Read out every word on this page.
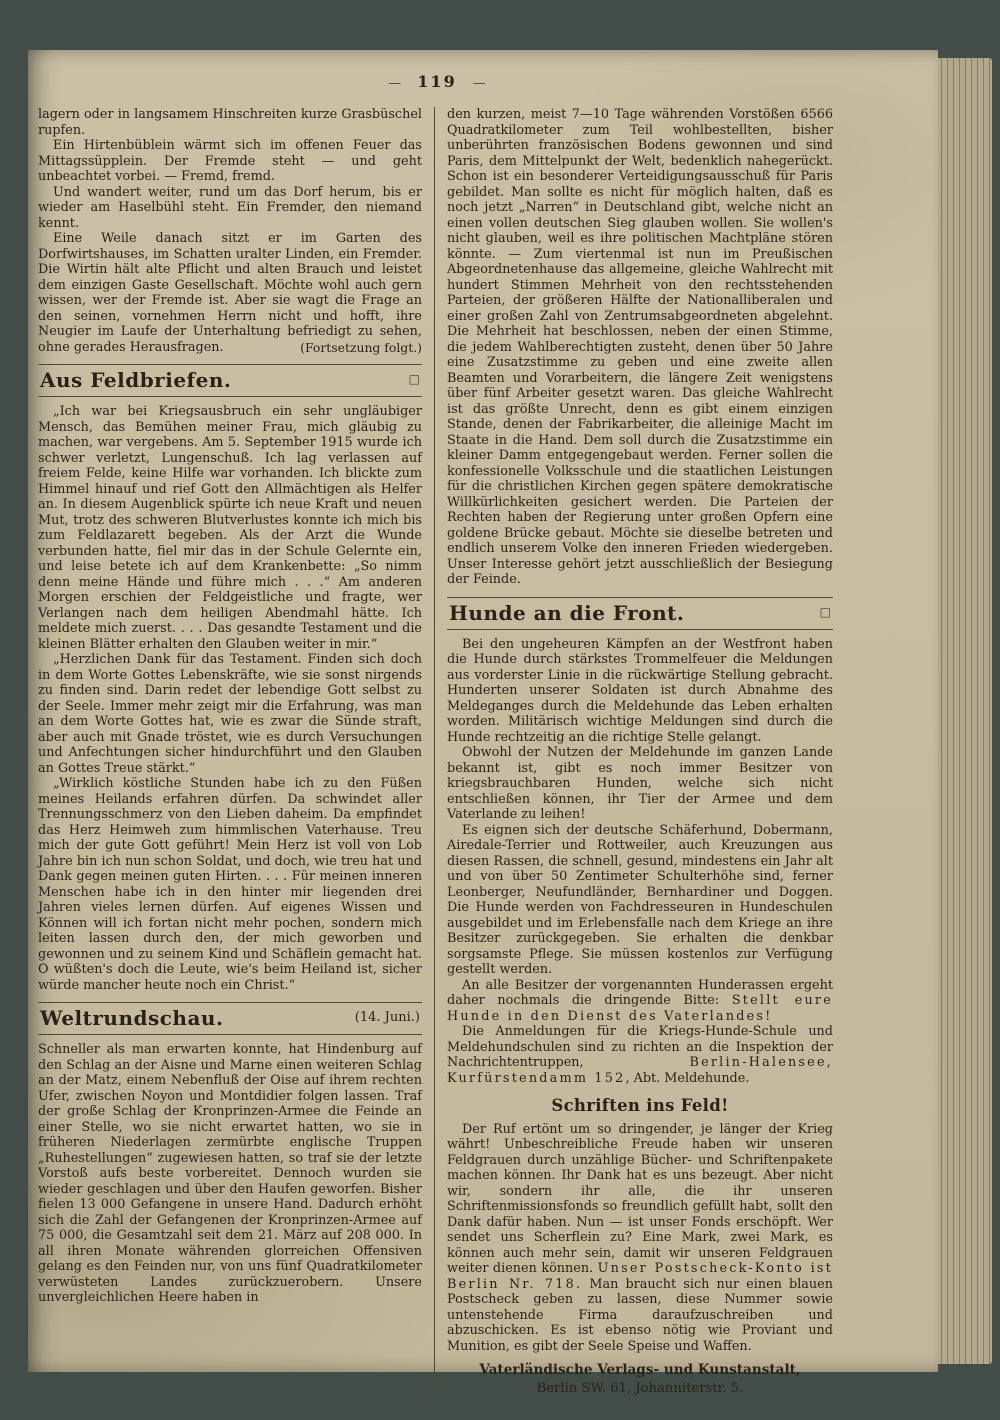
— 119 —

lagern oder in langsamem Hinschreiten kurze Grasbüschel rupfen.

Ein Hirtenbüblein wärmt sich im offenen Feuer das Mittagssüpplein. Der Fremde steht — und geht unbeachtet vorbei. — Fremd, fremd.

Und wandert weiter, rund um das Dorf herum, bis er wieder am Haselbühl steht. Ein Fremder, den niemand kennt.

Eine Weile danach sitzt er im Garten des Dorfwirtshauses, im Schatten uralter Linden, ein Fremder. Die Wirtin hält alte Pflicht und alten Brauch und leistet dem einzigen Gaste Gesellschaft. Möchte wohl auch gern wissen, wer der Fremde ist. Aber sie wagt die Frage an den seinen, vornehmen Herrn nicht und hofft, ihre Neugier im Laufe der Unterhaltung befriedigt zu sehen, ohne gerades Herausfragen.	(Fortsetzung folgt.)

Aus Feldbriefen.	□

„Ich war bei Kriegsausbruch ein sehr ungläubiger Mensch, das Bemühen meiner Frau, mich gläubig zu machen, war vergebens. Am 5. September 1915 wurde ich schwer verletzt, Lungenschuß. Ich lag verlassen auf freiem Felde, keine Hilfe war vorhanden. Ich blickte zum Himmel hinauf und rief Gott den Allmächtigen als Helfer an. In diesem Augenblick spürte ich neue Kraft und neuen Mut, trotz des schweren Blutverlustes konnte ich mich bis zum Feldlazarett begeben. Als der Arzt die Wunde verbunden hatte, fiel mir das in der Schule Gelernte ein, und leise betete ich auf dem Krankenbette: „So nimm denn meine Hände und führe mich . . .“ Am anderen Morgen erschien der Feldgeistliche und fragte, wer Verlangen nach dem heiligen Abendmahl hätte. Ich meldete mich zuerst. . . . Das gesandte Testament und die kleinen Blätter erhalten den Glauben weiter in mir.“

„Herzlichen Dank für das Testament. Finden sich doch in dem Worte Gottes Lebenskräfte, wie sie sonst nirgends zu finden sind. Darin redet der lebendige Gott selbst zu der Seele. Immer mehr zeigt mir die Erfahrung, was man an dem Worte Gottes hat, wie es zwar die Sünde straft, aber auch mit Gnade tröstet, wie es durch Versuchungen und Anfechtungen sicher hindurchführt und den Glauben an Gottes Treue stärkt.“

„Wirklich köstliche Stunden habe ich zu den Füßen meines Heilands erfahren dürfen. Da schwindet aller Trennungsschmerz von den Lieben daheim. Da empfindet das Herz Heimweh zum himmlischen Vaterhause. Treu mich der gute Gott geführt! Mein Herz ist voll von Lob Jahre bin ich nun schon Soldat, und doch, wie treu hat und Dank gegen meinen guten Hirten. . . . Für meinen inneren Menschen habe ich in den hinter mir liegenden drei Jahren vieles lernen dürfen. Auf eigenes Wissen und Können will ich fortan nicht mehr pochen, sondern mich leiten lassen durch den, der mich geworben und gewonnen und zu seinem Kind und Schäflein gemacht hat. O wüßten's doch die Leute, wie's beim Heiland ist, sicher würde mancher heute noch ein Christ.“

Weltrundschau.	(14. Juni.)

Schneller als man erwarten konnte, hat Hindenburg auf den Schlag an der Aisne und Marne einen weiteren Schlag an der Matz, einem Nebenfluß der Oise auf ihrem rechten Ufer, zwischen Noyon und Montdidier folgen lassen. Traf der große Schlag der Kronprinzen-Armee die Feinde an einer Stelle, wo sie nicht erwartet hatten, wo sie in früheren Niederlagen zermürbte englische Truppen „Ruhestellungen“ zugewiesen hatten, so traf sie der letzte Vorstoß aufs beste vorbereitet. Dennoch wurden sie wieder geschlagen und über den Haufen geworfen. Bisher fielen 13 000 Gefangene in unsere Hand. Dadurch erhöht sich die Zahl der Gefangenen der Kronprinzen-Armee auf 75 000, die Gesamtzahl seit dem 21. März auf 208 000. In all ihren Monate währenden glorreichen Offensiven gelang es den Feinden nur, von uns fünf Quadratkilometer verwüsteten Landes zurückzuerobern. Unsere unvergleichlichen Heere haben in

den kurzen, meist 7—10 Tage währenden Vorstößen 6566 Quadratkilometer zum Teil wohlbestellten, bisher unberührten französischen Bodens gewonnen und sind Paris, dem Mittelpunkt der Welt, bedenklich nahegerückt. Schon ist ein besonderer Verteidigungsausschuß für Paris gebildet. Man sollte es nicht für möglich halten, daß es noch jetzt „Narren“ in Deutschland gibt, welche nicht an einen vollen deutschen Sieg glauben wollen. Sie wollen's nicht glauben, weil es ihre politischen Machtpläne stören könnte. — Zum viertenmal ist nun im Preußischen Abgeordnetenhause das allgemeine, gleiche Wahlrecht mit hundert Stimmen Mehrheit von den rechtsstehenden Parteien, der größeren Hälfte der Nationalliberalen und einer großen Zahl von Zentrumsabgeordneten abgelehnt. Die Mehrheit hat beschlossen, neben der einen Stimme, die jedem Wahlberechtigten zusteht, denen über 50 Jahre eine Zusatzstimme zu geben und eine zweite allen Beamten und Vorarbeitern, die längere Zeit wenigstens über fünf Arbeiter gesetzt waren. Das gleiche Wahlrecht ist das größte Unrecht, denn es gibt einem einzigen Stande, denen der Fabrikarbeiter, die alleinige Macht im Staate in die Hand. Dem soll durch die Zusatzstimme ein kleiner Damm entgegengebaut werden. Ferner sollen die konfessionelle Volksschule und die staatlichen Leistungen für die christlichen Kirchen gegen spätere demokratische Willkürlichkeiten gesichert werden. Die Parteien der Rechten haben der Regierung unter großen Opfern eine goldene Brücke gebaut. Möchte sie dieselbe betreten und endlich unserem Volke den inneren Frieden wiedergeben. Unser Interesse gehört jetzt ausschließlich der Besiegung der Feinde.

Hunde an die Front.	□

Bei den ungeheuren Kämpfen an der Westfront haben die Hunde durch stärkstes Trommelfeuer die Meldungen aus vorderster Linie in die rückwärtige Stellung gebracht. Hunderten unserer Soldaten ist durch Abnahme des Meldeganges durch die Meldehunde das Leben erhalten worden. Militärisch wichtige Meldungen sind durch die Hunde rechtzeitig an die richtige Stelle gelangt.

Obwohl der Nutzen der Meldehunde im ganzen Lande bekannt ist, gibt es noch immer Besitzer von kriegsbrauchbaren Hunden, welche sich nicht entschließen können, ihr Tier der Armee und dem Vaterlande zu leihen!

Es eignen sich der deutsche Schäferhund, Dobermann, Airedale-Terrier und Rottweiler, auch Kreuzungen aus diesen Rassen, die schnell, gesund, mindestens ein Jahr alt und von über 50 Zentimeter Schulterhöhe sind, ferner Leonberger, Neufundländer, Bernhardiner und Doggen. Die Hunde werden von Fachdresseuren in Hundeschulen ausgebildet und im Erlebensfalle nach dem Kriege an ihre Besitzer zurückgegeben. Sie erhalten die denkbar sorgsamste Pflege. Sie müssen kostenlos zur Verfügung gestellt werden.

An alle Besitzer der vorgenannten Hunderassen ergeht daher nochmals die dringende Bitte: Stellt eure Hunde in den Dienst des Vaterlandes!

Die Anmeldungen für die Kriegs-Hunde-Schule und Meldehundschulen sind zu richten an die Inspektion der Nachrichtentruppen, Berlin-Halensee, Kurfürstendamm 152, Abt. Meldehunde.

Schriften ins Feld!

Der Ruf ertönt um so dringender, je länger der Krieg währt! Unbeschreibliche Freude haben wir unseren Feldgrauen durch unzählige Bücher- und Schriftenpakete machen können. Ihr Dank hat es uns bezeugt. Aber nicht wir, sondern ihr alle, die ihr unseren Schriftenmissionsfonds so freundlich gefüllt habt, sollt den Dank dafür haben. Nun — ist unser Fonds erschöpft. Wer sendet uns Scherflein zu? Eine Mark, zwei Mark, es können auch mehr sein, damit wir unseren Feldgrauen weiter dienen können. Unser Postscheck-Konto ist Berlin Nr. 718. Man braucht sich nur einen blauen Postscheck geben zu lassen, diese Nummer sowie untenstehende Firma daraufzuschreiben und abzuschicken. Es ist ebenso nötig wie Proviant und Munition, es gibt der Seele Speise und Waffen.

Vaterländische Verlags- und Kunstanstalt,
Berlin SW. 61, Johanniterstr. 5.
